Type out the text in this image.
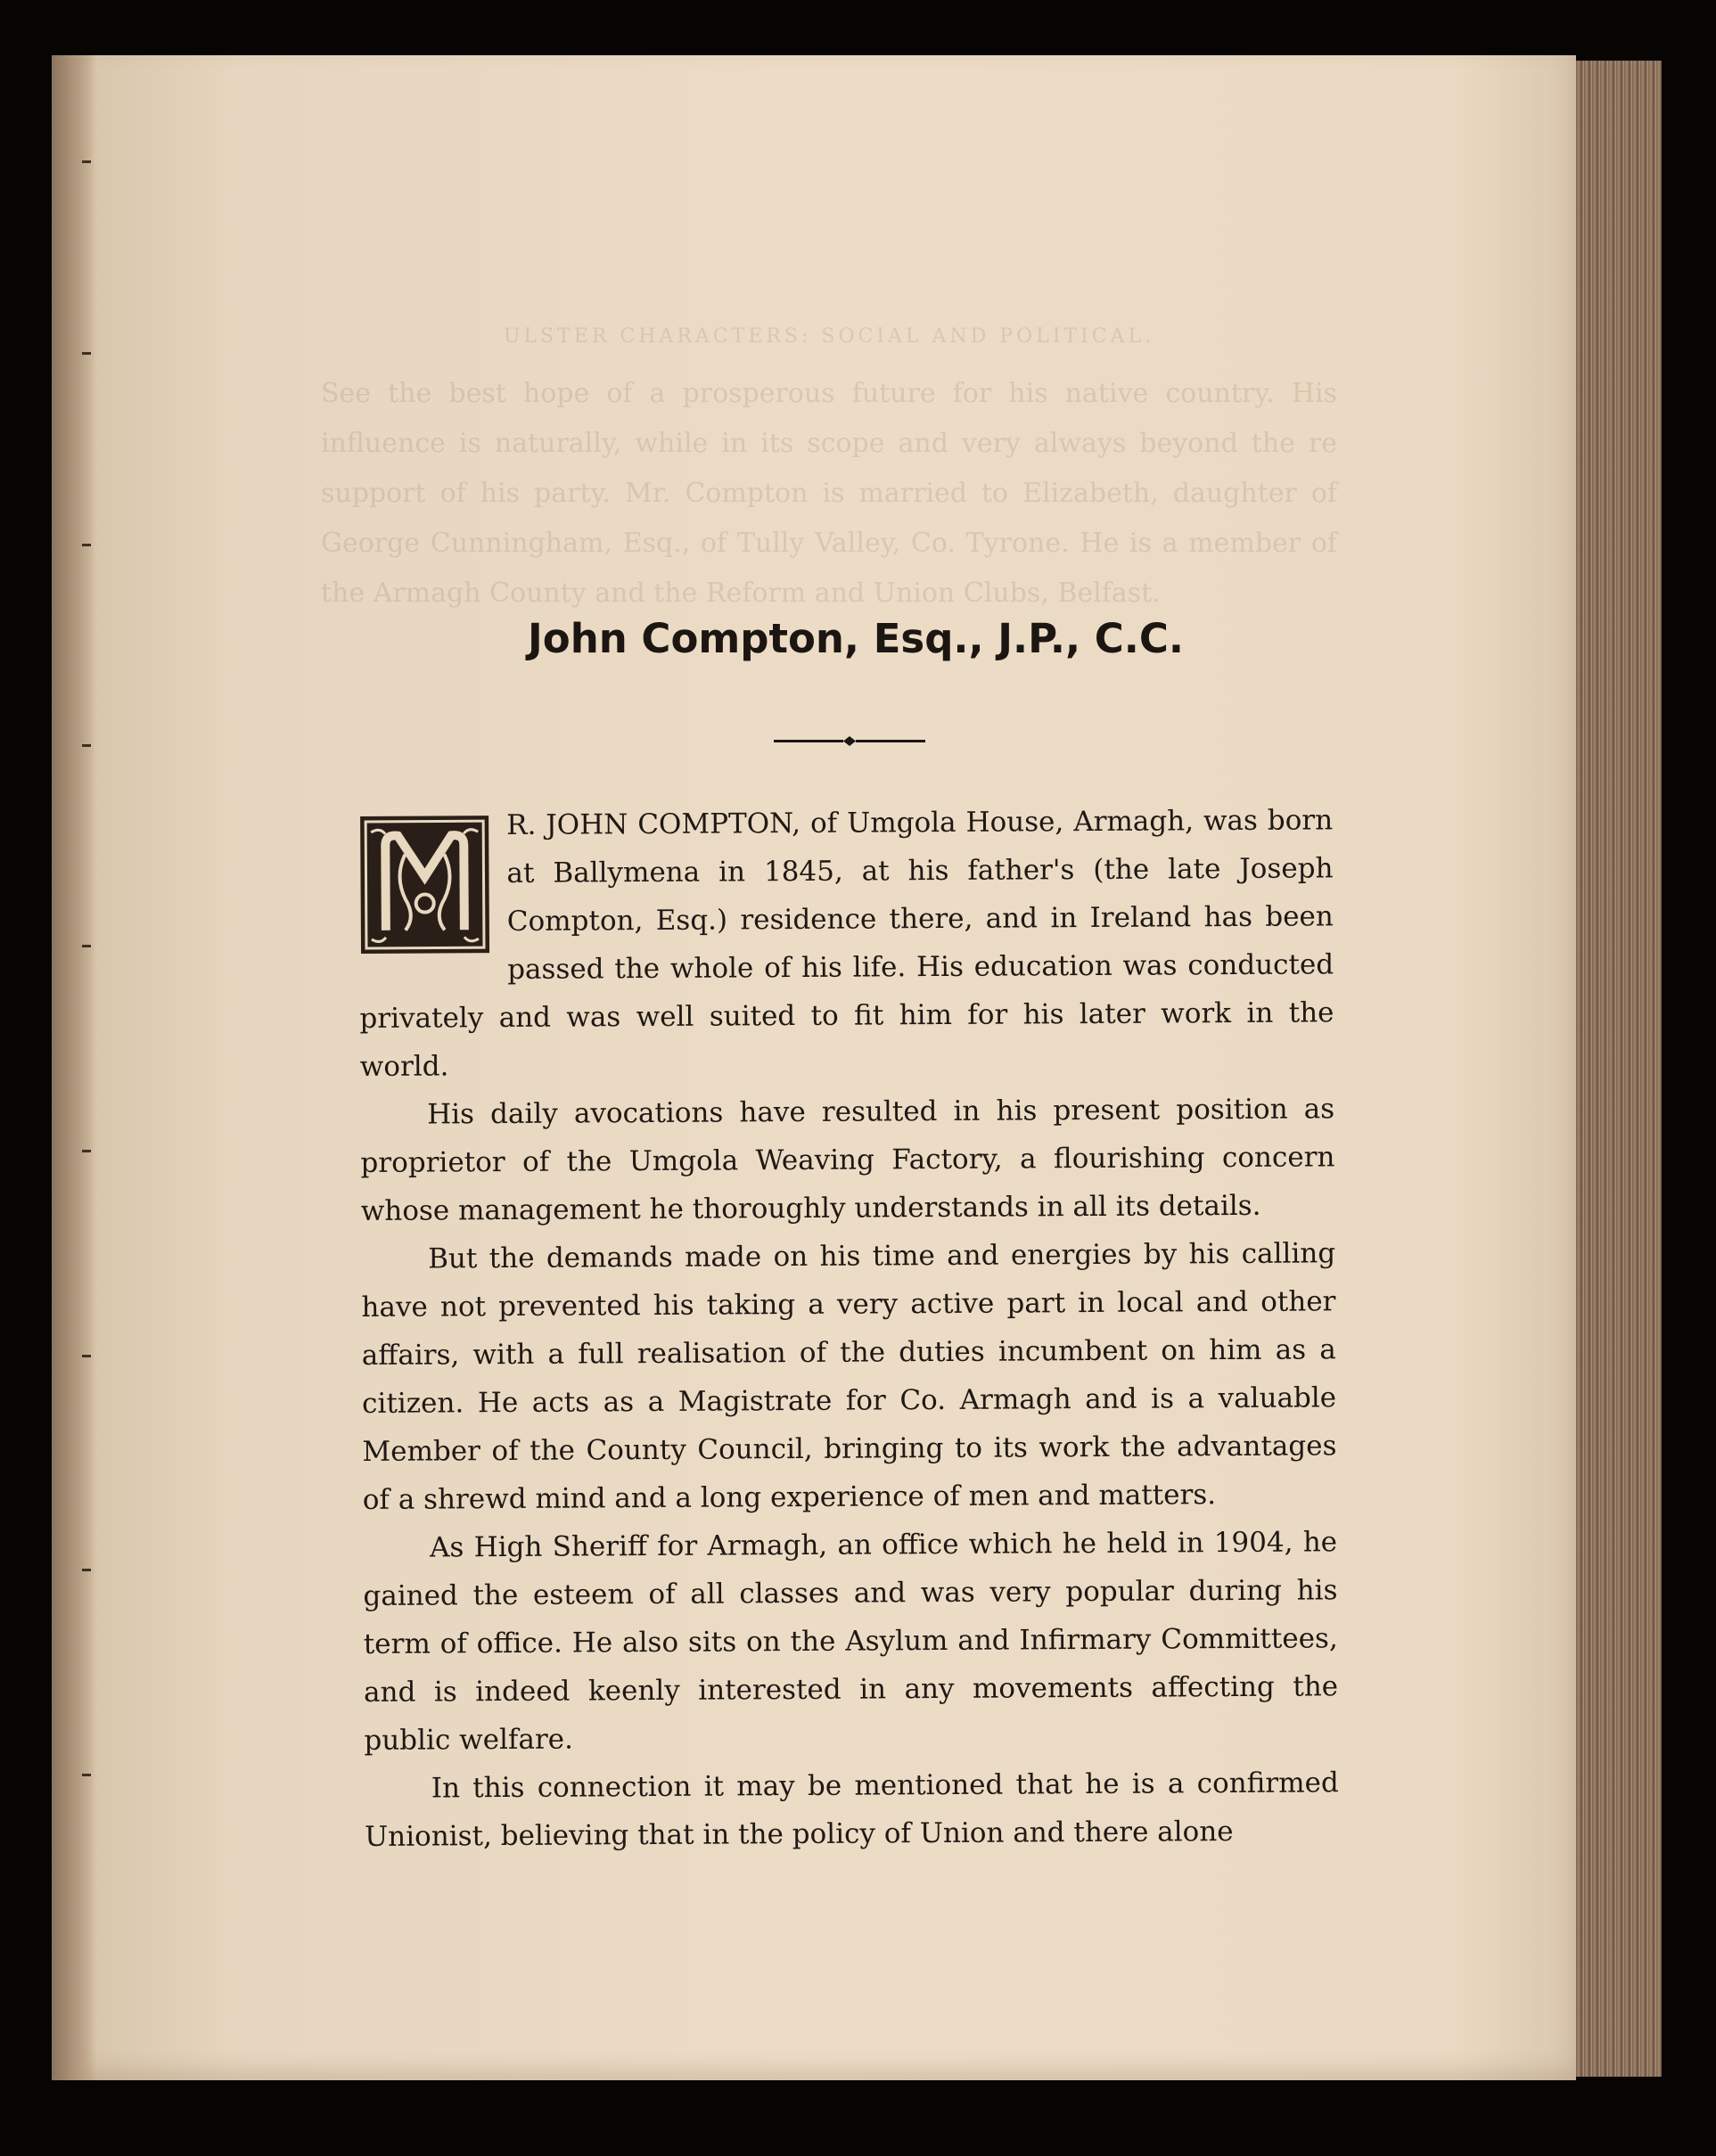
ULSTER CHARACTERS: SOCIAL AND POLITICAL.

See the best hope of a prosperous future for his native country. His influence is naturally, while in its scope and very always beyond the re support of his party. Mr. Compton is married to Elizabeth, daughter of George Cunningham, Esq., of Tully Valley, Co. Tyrone. He is a member of the Armagh County and the Reform and Union Clubs, Belfast.

John Compton, Esq., J.P., C.C.

R. JOHN COMPTON, of Umgola House, Armagh, was born at Ballymena in 1845, at his father's (the late Joseph Compton, Esq.) residence there, and in Ireland has been passed the whole of his life. His education was conducted privately and was well suited to fit him for his later work in the world.

His daily avocations have resulted in his present position as proprietor of the Umgola Weaving Factory, a flourishing concern whose management he thoroughly understands in all its details.

But the demands made on his time and energies by his calling have not prevented his taking a very active part in local and other affairs, with a full realisation of the duties incumbent on him as a citizen. He acts as a Magistrate for Co. Armagh and is a valuable Member of the County Council, bringing to its work the advantages of a shrewd mind and a long experience of men and matters.

As High Sheriff for Armagh, an office which he held in 1904, he gained the esteem of all classes and was very popular during his term of office. He also sits on the Asylum and Infirmary Committees, and is indeed keenly interested in any movements affecting the public welfare.

In this connection it may be mentioned that he is a confirmed Unionist, believing that in the policy of Union and there alone
